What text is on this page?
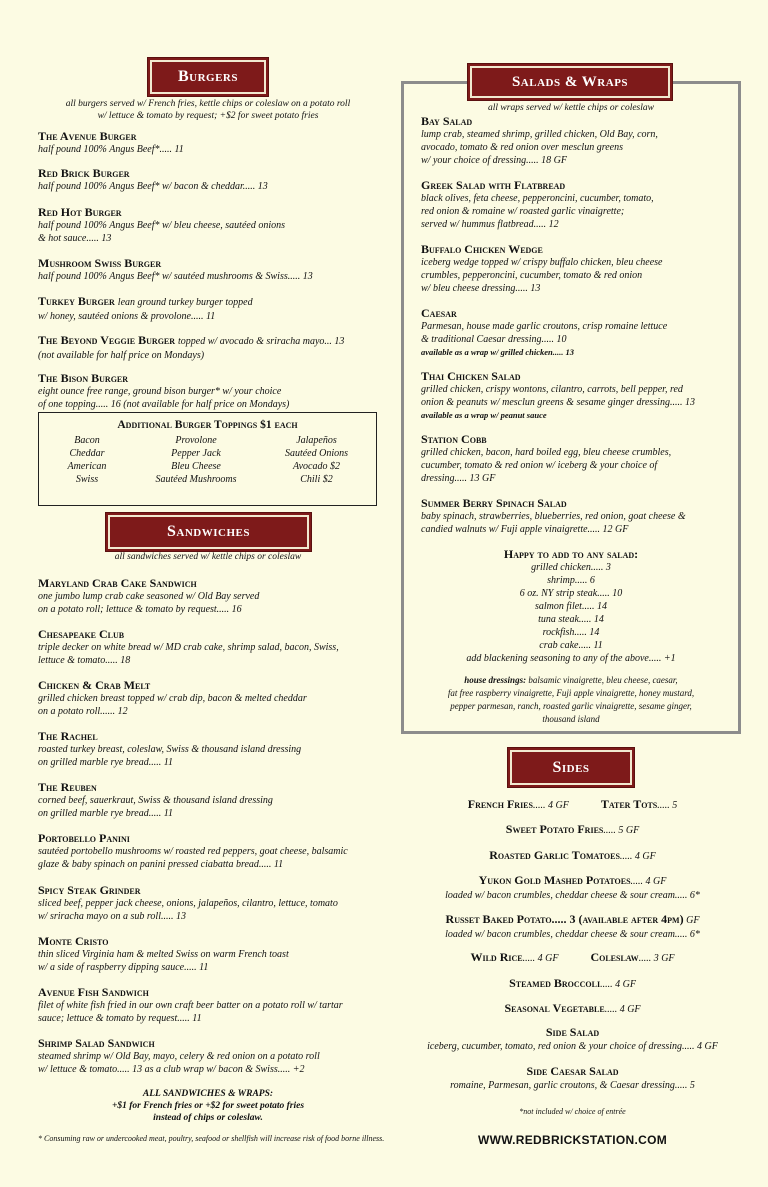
Burgers
all burgers served w/ French fries, kettle chips or coleslaw on a potato roll
w/ lettuce & tomato by request; +$2 for sweet potato fries
The Avenue Burger
half pound 100% Angus Beef*..... 11
Red Brick Burger
half pound 100% Angus Beef* w/ bacon & cheddar..... 13
Red Hot Burger
half pound 100% Angus Beef* w/ bleu cheese, sautéed onions
& hot sauce..... 13
Mushroom Swiss Burger
half pound 100% Angus Beef* w/ sautéed mushrooms & Swiss..... 13
Turkey Burger lean ground turkey burger topped
w/ honey, sautéed onions & provolone..... 11
The Beyond Veggie Burger topped w/ avocado & sriracha mayo... 13
(not available for half price on Mondays)
The Bison Burger
eight ounce free range, ground bison burger* w/ your choice
of one topping..... 16 (not available for half price on Mondays)
Additional Burger Toppings $1 each
Bacon	Provolone	Jalapeños
Cheddar	Pepper Jack	Sautéed Onions
American	Bleu Cheese	Avocado $2
Swiss	Sautéed Mushrooms	Chili $2
Sandwiches
all sandwiches served w/ kettle chips or coleslaw
Maryland Crab Cake Sandwich
one jumbo lump crab cake seasoned w/ Old Bay served
on a potato roll; lettuce & tomato by request..... 16
Chesapeake Club
triple decker on white bread w/ MD crab cake, shrimp salad, bacon, Swiss,
lettuce & tomato..... 18
Chicken & Crab Melt
grilled chicken breast topped w/ crab dip, bacon & melted cheddar
on a potato roll...... 12
The Rachel
roasted turkey breast, coleslaw, Swiss & thousand island dressing
on grilled marble rye bread..... 11
The Reuben
corned beef, sauerkraut, Swiss & thousand island dressing
on grilled marble rye bread..... 11
Portobello Panini
sautéed portobello mushrooms w/ roasted red peppers, goat cheese, balsamic
glaze & baby spinach on panini pressed ciabatta bread..... 11
Spicy Steak Grinder
sliced beef, pepper jack cheese, onions, jalapeños, cilantro, lettuce, tomato
w/ sriracha mayo on a sub roll..... 13
Monte Cristo
thin sliced Virginia ham & melted Swiss on warm French toast
w/ a side of raspberry dipping sauce..... 11
Avenue Fish Sandwich
filet of white fish fried in our own craft beer batter on a potato roll w/ tartar
sauce; lettuce & tomato by request..... 11
Shrimp Salad Sandwich
steamed shrimp w/ Old Bay, mayo, celery & red onion on a potato roll
w/ lettuce & tomato..... 13 as a club wrap w/ bacon & Swiss..... +2
ALL SANDWICHES & WRAPS:
+$1 for French fries or +$2 for sweet potato fries
instead of chips or coleslaw.
* Consuming raw or undercooked meat, poultry, seafood or shellfish will increase risk of food borne illness.
Salads & Wraps
all wraps served w/ kettle chips or coleslaw
Bay Salad
lump crab, steamed shrimp, grilled chicken, Old Bay, corn,
avocado, tomato & red onion over mesclun greens
w/ your choice of dressing..... 18 GF
Greek Salad with Flatbread
black olives, feta cheese, pepperoncini, cucumber, tomato,
red onion & romaine w/ roasted garlic vinaigrette;
served w/ hummus flatbread..... 12
Buffalo Chicken Wedge
iceberg wedge topped w/ crispy buffalo chicken, bleu cheese
crumbles, pepperoncini, cucumber, tomato & red onion
w/ bleu cheese dressing..... 13
Caesar
Parmesan, house made garlic croutons, crisp romaine lettuce
& traditional Caesar dressing..... 10
available as a wrap w/ grilled chicken..... 13
Thai Chicken Salad
grilled chicken, crispy wontons, cilantro, carrots, bell pepper, red
onion & peanuts w/ mesclun greens & sesame ginger dressing..... 13
available as a wrap w/ peanut sauce
Station Cobb
grilled chicken, bacon, hard boiled egg, bleu cheese crumbles,
cucumber, tomato & red onion w/ iceberg & your choice of
dressing..... 13 GF
Summer Berry Spinach Salad
baby spinach, strawberries, blueberries, red onion, goat cheese &
candied walnuts w/ Fuji apple vinaigrette..... 12 GF
Happy to add to any salad:
grilled chicken..... 3
shrimp..... 6
6 oz. NY strip steak..... 10
salmon filet..... 14
tuna steak..... 14
rockfish..... 14
crab cake..... 11
add blackening seasoning to any of the above..... +1
house dressings: balsamic vinaigrette, bleu cheese, caesar,
fat free raspberry vinaigrette, Fuji apple vinaigrette, honey mustard,
pepper parmesan, ranch, roasted garlic vinaigrette, sesame ginger,
thousand island
Sides
French Fries..... 4 GF	Tater Tots..... 5
Sweet Potato Fries..... 5 GF
Roasted Garlic Tomatoes..... 4 GF
Yukon Gold Mashed Potatoes..... 4 GF
loaded w/ bacon crumbles, cheddar cheese & sour cream..... 6*
Russet Baked Potato..... 3 (available after 4pm) GF
loaded w/ bacon crumbles, cheddar cheese & sour cream..... 6*
Wild Rice..... 4 GF	Coleslaw..... 3 GF
Steamed Broccoli..... 4 GF
Seasonal Vegetable..... 4 GF
Side Salad
iceberg, cucumber, tomato, red onion & your choice of dressing..... 4 GF
Side Caesar Salad
romaine, Parmesan, garlic croutons, & Caesar dressing..... 5
*not included w/ choice of entrée
WWW.REDBRICKSTATION.COM
